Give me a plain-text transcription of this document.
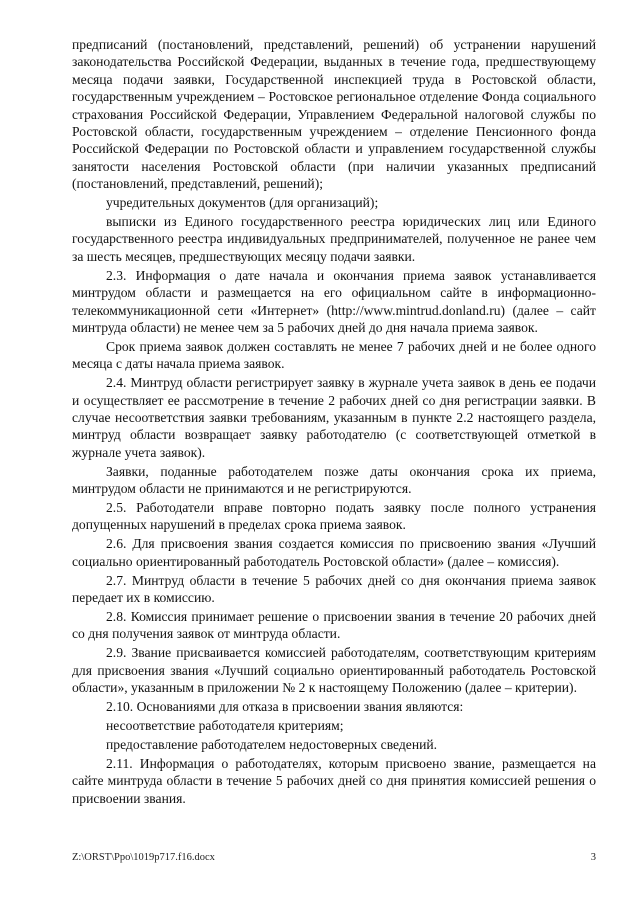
предписаний (постановлений, представлений, решений) об устранении нарушений законодательства Российской Федерации, выданных в течение года, предшествующему месяца подачи заявки, Государственной инспекцией труда в Ростовской области, государственным учреждением – Ростовское региональное отделение Фонда социального страхования Российской Федерации, Управлением Федеральной налоговой службы по Ростовской области, государственным учреждением – отделение Пенсионного фонда Российской Федерации по Ростовской области и управлением государственной службы занятости населения Ростовской области (при наличии указанных предписаний (постановлений, представлений, решений);

учредительных документов (для организаций);

выписки из Единого государственного реестра юридических лиц или Единого государственного реестра индивидуальных предпринимателей, полученное не ранее чем за шесть месяцев, предшествующих месяцу подачи заявки.

2.3. Информация о дате начала и окончания приема заявок устанавливается минтрудом области и размещается на его официальном сайте в информационно-телекоммуникационной сети «Интернет» (http://www.mintrud.donland.ru) (далее – сайт минтруда области) не менее чем за 5 рабочих дней до дня начала приема заявок.

Срок приема заявок должен составлять не менее 7 рабочих дней и не более одного месяца с даты начала приема заявок.

2.4. Минтруд области регистрирует заявку в журнале учета заявок в день ее подачи и осуществляет ее рассмотрение в течение 2 рабочих дней со дня регистрации заявки. В случае несоответствия заявки требованиям, указанным в пункте 2.2 настоящего раздела, минтруд области возвращает заявку работодателю (с соответствующей отметкой в журнале учета заявок).

Заявки, поданные работодателем позже даты окончания срока их приема, минтрудом области не принимаются и не регистрируются.

2.5. Работодатели вправе повторно подать заявку после полного устранения допущенных нарушений в пределах срока приема заявок.

2.6. Для присвоения звания создается комиссия по присвоению звания «Лучший социально ориентированный работодатель Ростовской области» (далее – комиссия).

2.7. Минтруд области в течение 5 рабочих дней со дня окончания приема заявок передает их в комиссию.

2.8. Комиссия принимает решение о присвоении звания в течение 20 рабочих дней со дня получения заявок от минтруда области.

2.9. Звание присваивается комиссией работодателям, соответствующим критериям для присвоения звания «Лучший социально ориентированный работодатель Ростовской области», указанным в приложении № 2 к настоящему Положению (далее – критерии).

2.10. Основаниями для отказа в присвоении звания являются:

несоответствие работодателя критериям;

предоставление работодателем недостоверных сведений.

2.11. Информация о работодателях, которым присвоено звание, размещается на сайте минтруда области в течение 5 рабочих дней со дня принятия комиссией решения о присвоении звания.

Z:\ORST\Ppo\1019p717.f16.docx	3
